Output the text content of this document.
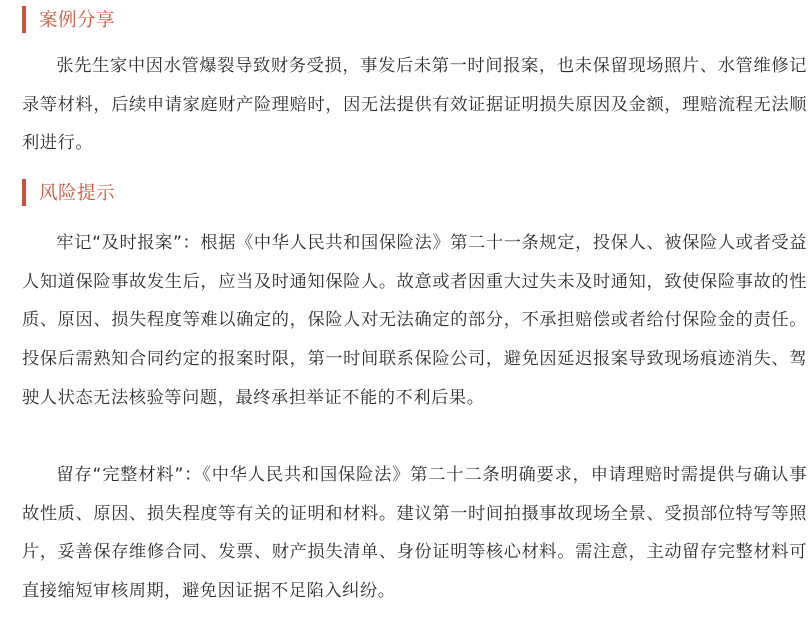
案例分享

张先生家中因水管爆裂导致财务受损，事发后未第一时间报案，也未保留现场照片、水管维修记录等材料，后续申请家庭财产险理赔时，因无法提供有效证据证明损失原因及金额，理赔流程无法顺利进行。

风险提示

牢记“及时报案”：根据《中华人民共和国保险法》第二十一条规定，投保人、被保险人或者受益人知道保险事故发生后，应当及时通知保险人。故意或者因重大过失未及时通知，致使保险事故的性质、原因、损失程度等难以确定的，保险人对无法确定的部分，不承担赔偿或者给付保险金的责任。投保后需熟知合同约定的报案时限，第一时间联系保险公司，避免因延迟报案导致现场痕迹消失、驾驶人状态无法核验等问题，最终承担举证不能的不利后果。

留存“完整材料”：《中华人民共和国保险法》第二十二条明确要求，申请理赔时需提供与确认事故性质、原因、损失程度等有关的证明和材料。建议第一时间拍摄事故现场全景、受损部位特写等照片，妥善保存维修合同、发票、财产损失清单、身份证明等核心材料。需注意，主动留存完整材料可直接缩短审核周期，避免因证据不足陷入纠纷。
